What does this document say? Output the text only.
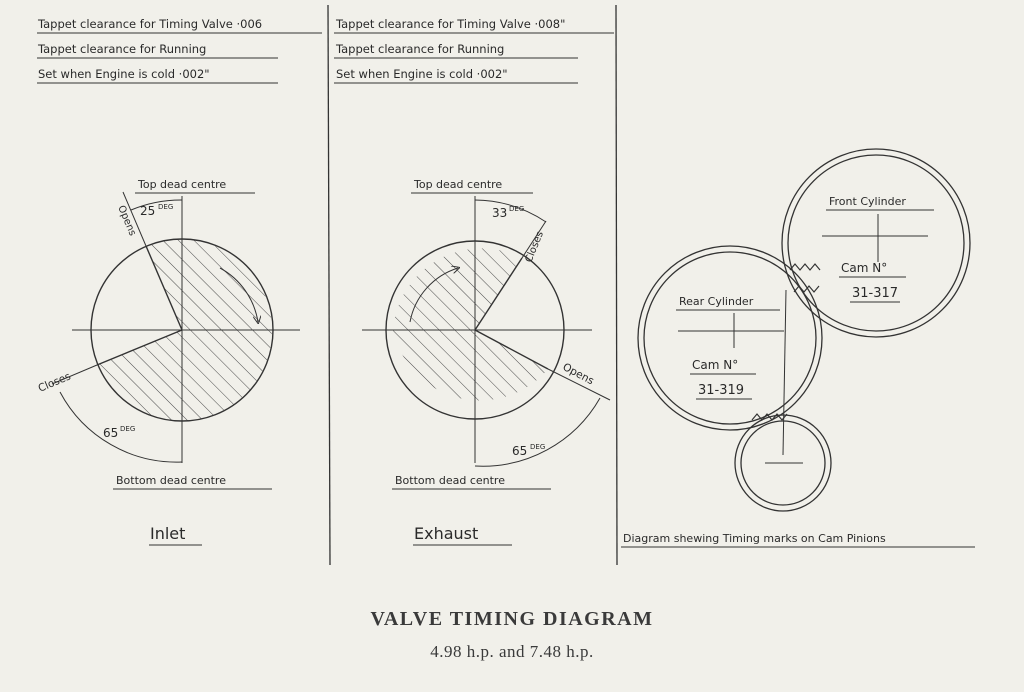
Tappet clearance for Timing Valve ·006
Tappet clearance for Running
Set when Engine is cold ·002"
Tappet clearance for Timing Valve ·008"
Tappet clearance for Running
Set when Engine is cold ·002"
Top dead centre
25 DEG
Opens
Closes
65 DEG
Bottom dead centre
Inlet
Top dead centre
33 DEG
Closes
Opens
65 DEG
Bottom dead centre
Exhaust
Front Cylinder
Cam N°
31-317
Rear Cylinder
Cam N°
31-319
Diagram shewing Timing marks on Cam Pinions
VALVE TIMING DIAGRAM
4.98 h.p. and 7.48 h.p.
